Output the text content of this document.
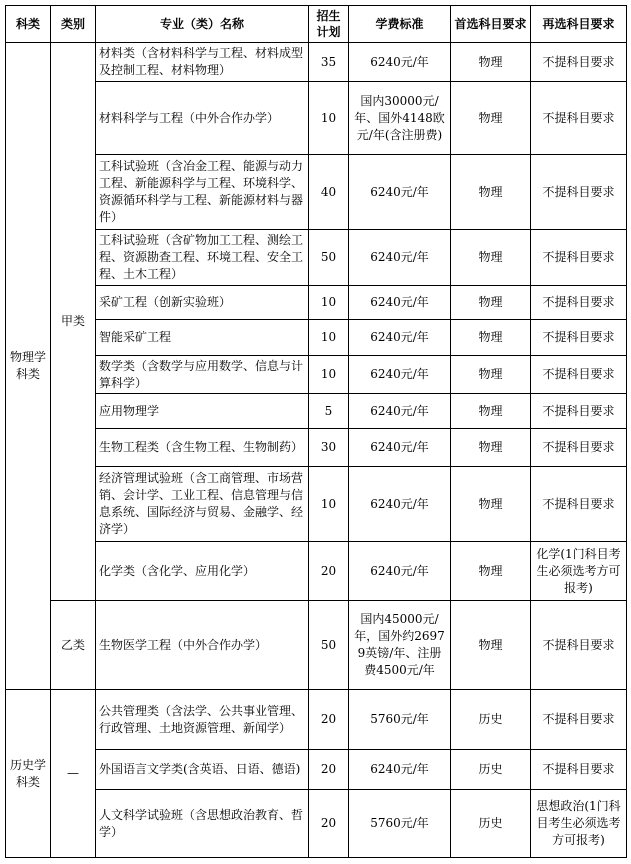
科类	类别	专业（类）名称	招生计划	学费标准	首选科目要求	再选科目要求
物理学科类	甲类	材料类（含材料科学与工程、材料成型及控制工程、材料物理）	35	6240元/年	物理	不提科目要求
		材料科学与工程（中外合作办学）	10	国内30000元/年、国外4148欧元/年(含注册费)	物理	不提科目要求
		工科试验班（含冶金工程、能源与动力工程、新能源科学与工程、环境科学、资源循环科学与工程、新能源材料与器件）	40	6240元/年	物理	不提科目要求
		工科试验班（含矿物加工工程、测绘工程、资源勘查工程、环境工程、安全工程、土木工程）	50	6240元/年	物理	不提科目要求
		采矿工程（创新实验班）	10	6240元/年	物理	不提科目要求
		智能采矿工程	10	6240元/年	物理	不提科目要求
		数学类（含数学与应用数学、信息与计算科学）	10	6240元/年	物理	不提科目要求
		应用物理学	5	6240元/年	物理	不提科目要求
		生物工程类（含生物工程、生物制药）	30	6240元/年	物理	不提科目要求
		经济管理试验班（含工商管理、市场营销、会计学、工业工程、信息管理与信息系统、国际经济与贸易、金融学、经济学）	10	6240元/年	物理	不提科目要求
		化学类（含化学、应用化学）	20	6240元/年	物理	化学(1门科目考生必须选考方可报考)
	乙类	生物医学工程（中外合作办学）	50	国内45000元/年，国外约26979英镑/年、注册费4500元/年	物理	不提科目要求
历史学科类	—	公共管理类（含法学、公共事业管理、行政管理、土地资源管理、新闻学）	20	5760元/年	历史	不提科目要求
		外国语言文学类(含英语、日语、德语)	20	6240元/年	历史	不提科目要求
		人文科学试验班（含思想政治教育、哲学）	20	5760元/年	历史	思想政治(1门科目考生必须选考方可报考)
